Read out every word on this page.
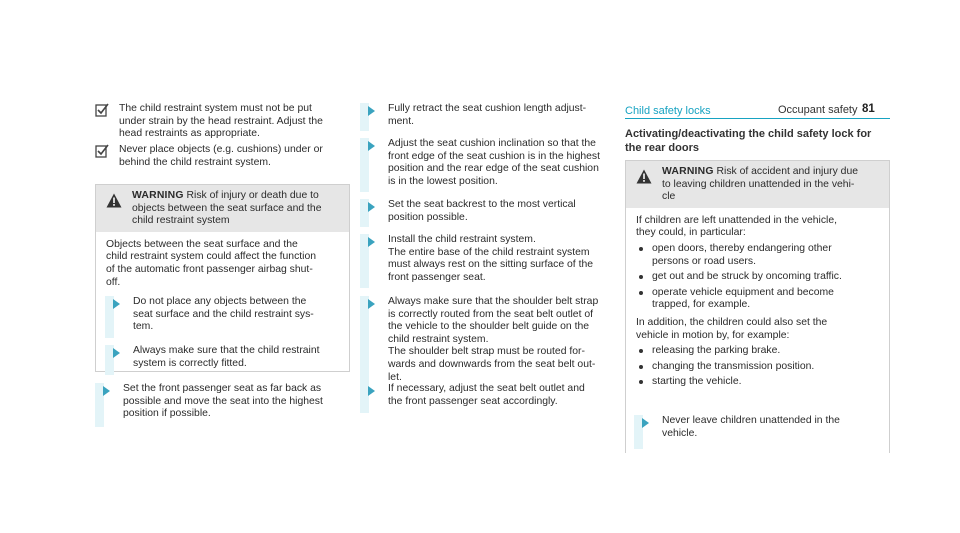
Occupant safety 81
The child restraint system must not be put
under strain by the head restraint. Adjust the
head restraints as appropriate.
Never place objects (e.g. cushions) under or
behind the child restraint system.
WARNING Risk of injury or death due to
objects between the seat surface and the
child restraint system
Objects between the seat surface and the
child restraint system could affect the function
of the automatic front passenger airbag shut-
off.
Do not place any objects between the
seat surface and the child restraint sys-
tem.
Always make sure that the child restraint
system is correctly fitted.
Set the front passenger seat as far back as
possible and move the seat into the highest
position if possible.
Fully retract the seat cushion length adjust-
ment.
Adjust the seat cushion inclination so that the
front edge of the seat cushion is in the highest
position and the rear edge of the seat cushion
is in the lowest position.
Set the seat backrest to the most vertical
position possible.
Install the child restraint system.
The entire base of the child restraint system
must always rest on the sitting surface of the
front passenger seat.
Always make sure that the shoulder belt strap
is correctly routed from the seat belt outlet of
the vehicle to the shoulder belt guide on the
child restraint system.
The shoulder belt strap must be routed for-
wards and downwards from the seat belt out-
let.
If necessary, adjust the seat belt outlet and
the front passenger seat accordingly.
Child safety locks
Activating/deactivating the child safety lock for
the rear doors
WARNING Risk of accident and injury due
to leaving children unattended in the vehi-
cle
If children are left unattended in the vehicle,
they could, in particular:
open doors, thereby endangering other
persons or road users.
get out and be struck by oncoming traffic.
operate vehicle equipment and become
trapped, for example.
In addition, the children could also set the
vehicle in motion by, for example:
releasing the parking brake.
changing the transmission position.
starting the vehicle.
Never leave children unattended in the
vehicle.
